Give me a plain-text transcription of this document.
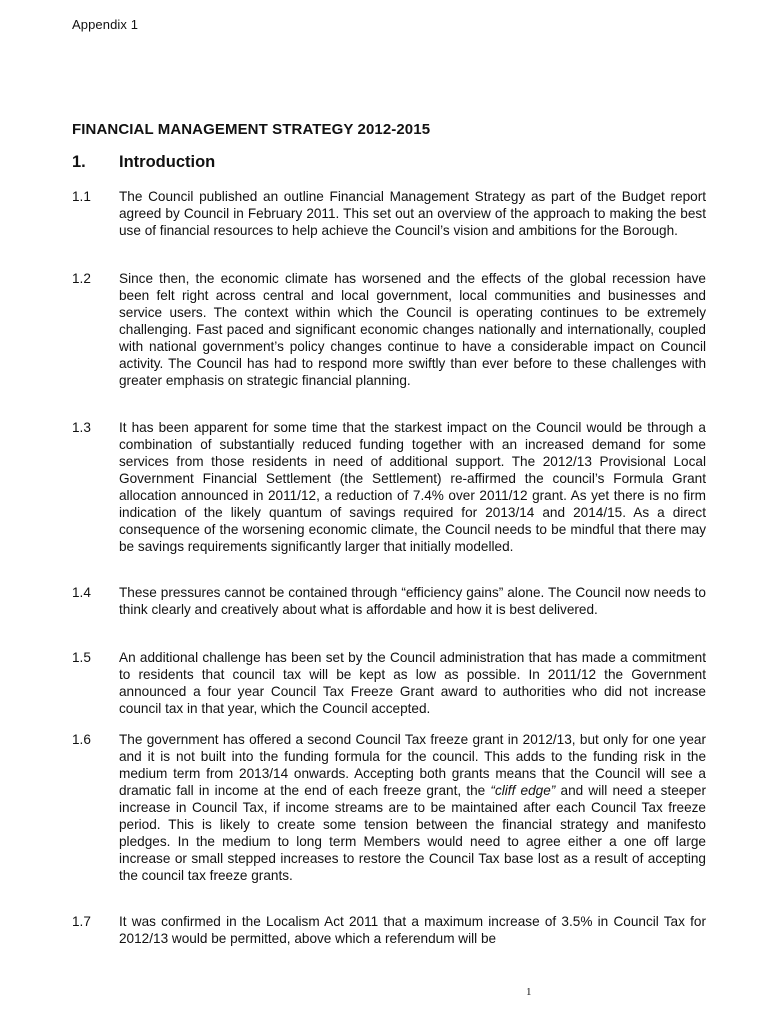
Appendix 1
FINANCIAL MANAGEMENT STRATEGY 2012-2015
1. Introduction
1.1	The Council published an outline Financial Management Strategy as part of the Budget report agreed by Council in February 2011. This set out an overview of the approach to making the best use of financial resources to help achieve the Council’s vision and ambitions for the Borough.
1.2	Since then, the economic climate has worsened and the effects of the global recession have been felt right across central and local government, local communities and businesses and service users. The context within which the Council is operating continues to be extremely challenging. Fast paced and significant economic changes nationally and internationally, coupled with national government’s policy changes continue to have a considerable impact on Council activity. The Council has had to respond more swiftly than ever before to these challenges with greater emphasis on strategic financial planning.
1.3	It has been apparent for some time that the starkest impact on the Council would be through a combination of substantially reduced funding together with an increased demand for some services from those residents in need of additional support. The 2012/13 Provisional Local Government Financial Settlement (the Settlement) re-affirmed the council’s Formula Grant allocation announced in 2011/12, a reduction of 7.4% over 2011/12 grant. As yet there is no firm indication of the likely quantum of savings required for 2013/14 and 2014/15. As a direct consequence of the worsening economic climate, the Council needs to be mindful that there may be savings requirements significantly larger that initially modelled.
1.4	These pressures cannot be contained through “efficiency gains” alone. The Council now needs to think clearly and creatively about what is affordable and how it is best delivered.
1.5	An additional challenge has been set by the Council administration that has made a commitment to residents that council tax will be kept as low as possible. In 2011/12 the Government announced a four year Council Tax Freeze Grant award to authorities who did not increase council tax in that year, which the Council accepted.
1.6	The government has offered a second Council Tax freeze grant in 2012/13, but only for one year and it is not built into the funding formula for the council. This adds to the funding risk in the medium term from 2013/14 onwards. Accepting both grants means that the Council will see a dramatic fall in income at the end of each freeze grant, the “cliff edge” and will need a steeper increase in Council Tax, if income streams are to be maintained after each Council Tax freeze period. This is likely to create some tension between the financial strategy and manifesto pledges. In the medium to long term Members would need to agree either a one off large increase or small stepped increases to restore the Council Tax base lost as a result of accepting the council tax freeze grants.
1.7	It was confirmed in the Localism Act 2011 that a maximum increase of 3.5% in Council Tax for 2012/13 would be permitted, above which a referendum will be
1
